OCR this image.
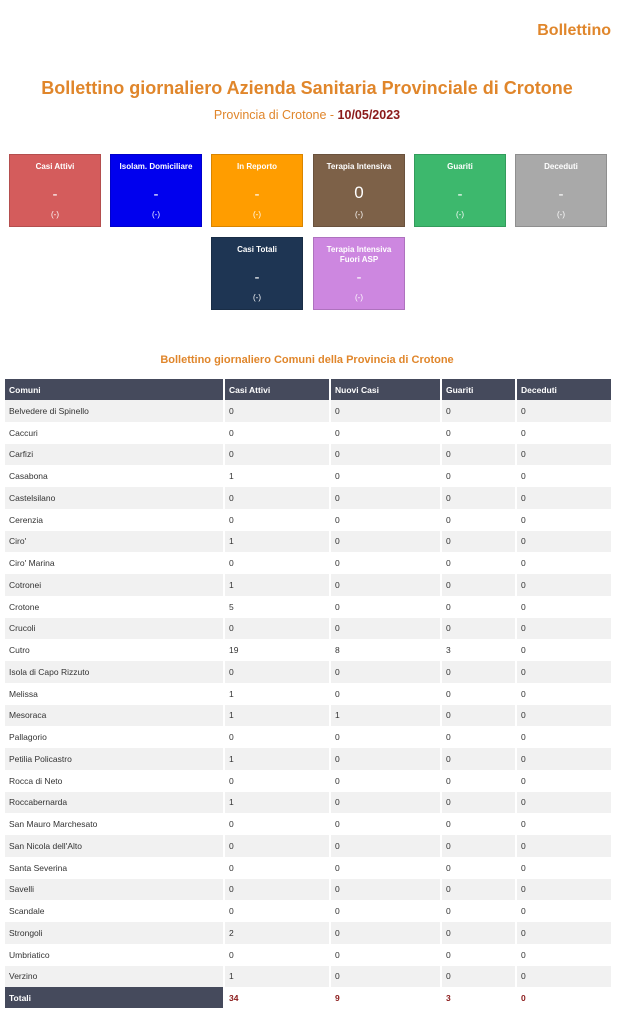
Bollettino
Bollettino giornaliero Azienda Sanitaria Provinciale di Crotone
Provincia di Crotone - 10/05/2023
Casi Attivi
-
(-)
Isolam. Domiciliare
-
(-)
In Reporto
-
(-)
Terapia Intensiva
0
(-)
Guariti
-
(-)
Deceduti
-
(-)
Casi Totali
-
(-)
Terapia Intensiva Fuori ASP
-
(-)
Bollettino giornaliero Comuni della Provincia di Crotone
Comuni	Casi Attivi	Nuovi Casi	Guariti	Deceduti
Belvedere di Spinello	0	0	0	0
Caccuri	0	0	0	0
Carfizi	0	0	0	0
Casabona	1	0	0	0
Castelsilano	0	0	0	0
Cerenzia	0	0	0	0
Ciro'	1	0	0	0
Ciro' Marina	0	0	0	0
Cotronei	1	0	0	0
Crotone	5	0	0	0
Crucoli	0	0	0	0
Cutro	19	8	3	0
Isola di Capo Rizzuto	0	0	0	0
Melissa	1	0	0	0
Mesoraca	1	1	0	0
Pallagorio	0	0	0	0
Petilia Policastro	1	0	0	0
Rocca di Neto	0	0	0	0
Roccabernarda	1	0	0	0
San Mauro Marchesato	0	0	0	0
San Nicola dell'Alto	0	0	0	0
Santa Severina	0	0	0	0
Savelli	0	0	0	0
Scandale	0	0	0	0
Strongoli	2	0	0	0
Umbriatico	0	0	0	0
Verzino	1	0	0	0
Totali	34	9	3	0
